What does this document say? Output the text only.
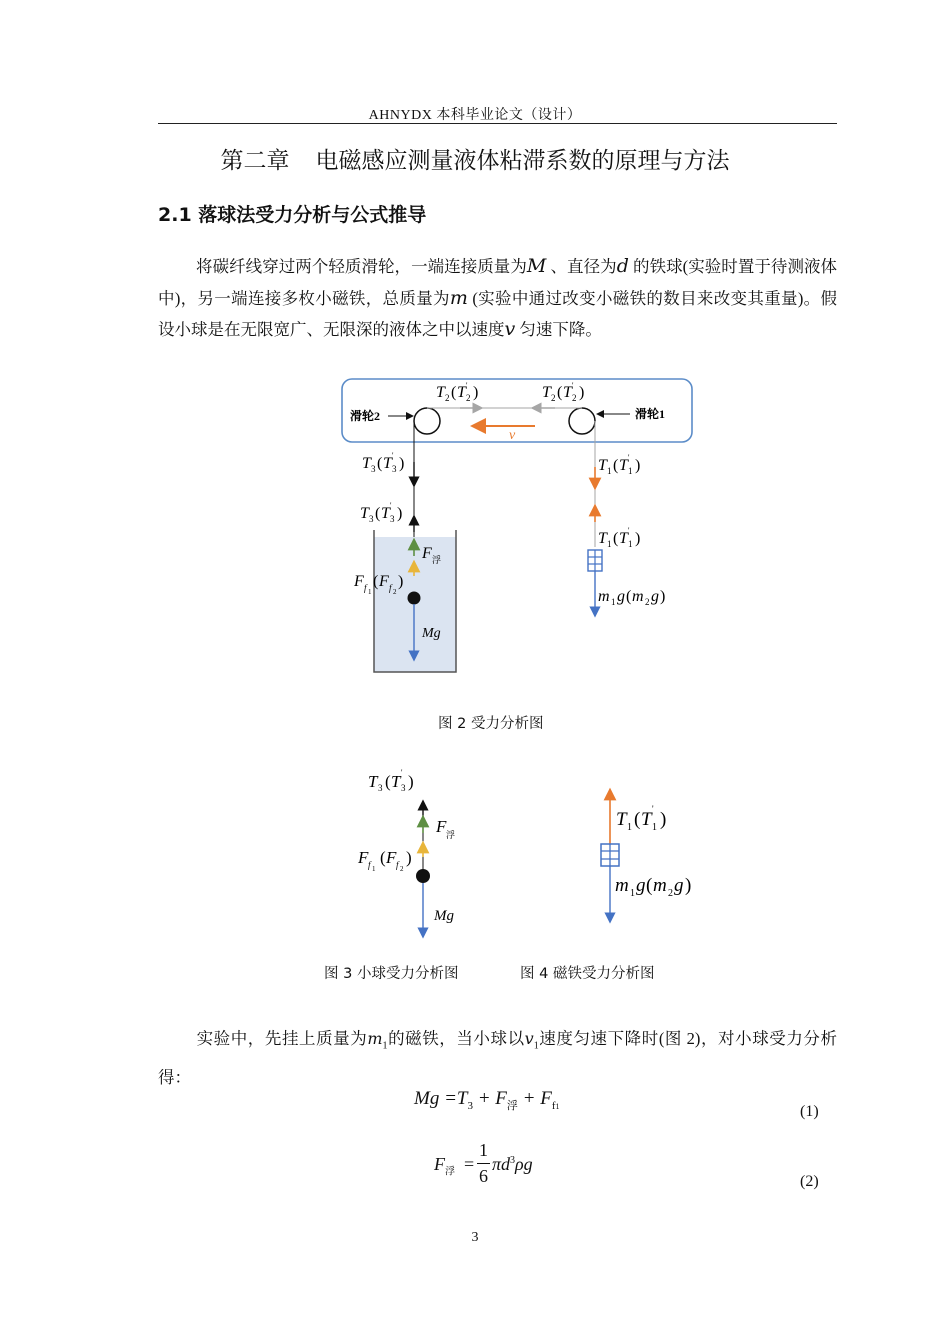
AHNYDX 本科毕业论文（设计）
第二章 电磁感应测量液体粘滞系数的原理与方法
2.1 落球法受力分析与公式推导
将碳纤线穿过两个轻质滑轮，一端连接质量为M 、直径为d 的铁球(实验时置于待测液体中)，另一端连接多枚小磁铁，总质量为m (实验中通过改变小磁铁的数目来改变其重量)。假设小球是在无限宽广、无限深的液体之中以速度v 匀速下降。
T 2 ( T 2
' )	T 2 ( T 2
' )
滑轮2	滑轮1
v
T 3 ( T 3
' )
T 3 ( T 3
' )
F 浮
F f 1
( F f 2
)
Mg
T 1 ( T 1
' )
T 1 ( T 1
' )
m 1 g ( m 2 g )
图 2 受力分析图
T 3 ( T 3
' )
F 浮
F f 1
( F f 2
)
Mg
T 1 ( T 1
' )
m 1 g ( m 2 g )
图 3 小球受力分析图	图 4 磁铁受力分析图
实验中，先挂上质量为$m_1$的磁铁，当小球以$v_1$速度匀速下降时(图 2)，对小球受力分析得：
$Mg =T_3 + F_浮 + F_{f1}$	(1)
$F_浮$ =
1
6
$\pi d^3\rho g$
(2)
3
